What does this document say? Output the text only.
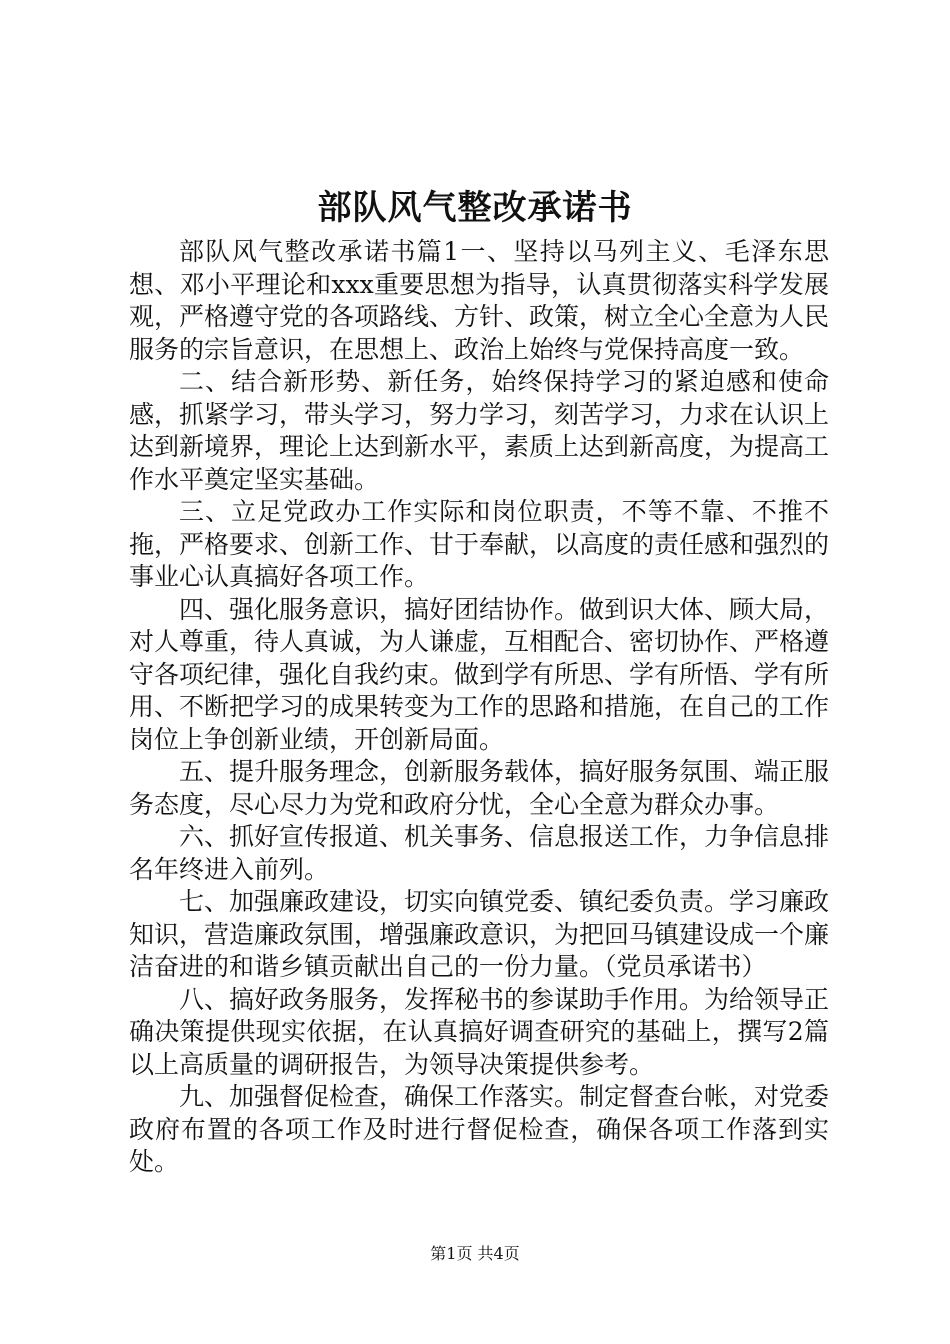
部队风气整改承诺书

部队风气整改承诺书篇1一、坚持以马列主义、毛泽东思想、邓小平理论和xxx重要思想为指导，认真贯彻落实科学发展观，严格遵守党的各项路线、方针、政策，树立全心全意为人民服务的宗旨意识，在思想上、政治上始终与党保持高度一致。

二、结合新形势、新任务，始终保持学习的紧迫感和使命感，抓紧学习，带头学习，努力学习，刻苦学习，力求在认识上达到新境界，理论上达到新水平，素质上达到新高度，为提高工作水平奠定坚实基础。

三、立足党政办工作实际和岗位职责，不等不靠、不推不拖，严格要求、创新工作、甘于奉献，以高度的责任感和强烈的事业心认真搞好各项工作。

四、强化服务意识，搞好团结协作。做到识大体、顾大局，对人尊重，待人真诚，为人谦虚，互相配合、密切协作、严格遵守各项纪律，强化自我约束。做到学有所思、学有所悟、学有所用、不断把学习的成果转变为工作的思路和措施，在自己的工作岗位上争创新业绩，开创新局面。

五、提升服务理念，创新服务载体，搞好服务氛围、端正服务态度，尽心尽力为党和政府分忧，全心全意为群众办事。

六、抓好宣传报道、机关事务、信息报送工作，力争信息排名年终进入前列。

七、加强廉政建设，切实向镇党委、镇纪委负责。学习廉政知识，营造廉政氛围，增强廉政意识，为把回马镇建设成一个廉洁奋进的和谐乡镇贡献出自己的一份力量。（党员承诺书）

八、搞好政务服务，发挥秘书的参谋助手作用。为给领导正确决策提供现实依据，在认真搞好调查研究的基础上，撰写2篇以上高质量的调研报告，为领导决策提供参考。

九、加强督促检查，确保工作落实。制定督查台帐，对党委政府布置的各项工作及时进行督促检查，确保各项工作落到实处。

第1页 共4页
